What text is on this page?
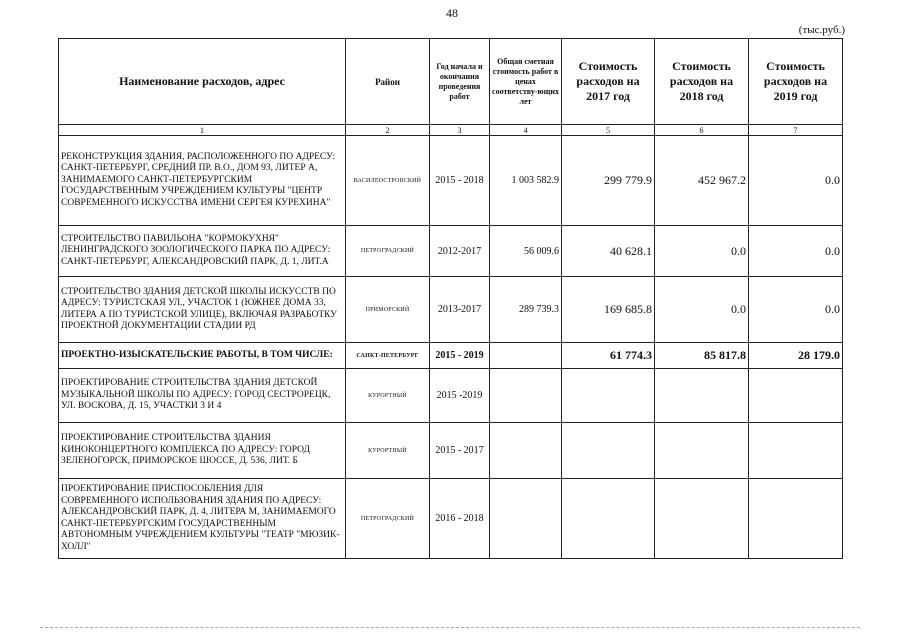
48
(тыс.руб.)
Наименование расходов, адрес	Район	Год начала и окончания проведения работ	Общая сметная стоимость работ в ценах соответству-ющих лет	Стоимость расходов на 2017 год	Стоимость расходов на 2018 год	Стоимость расходов на 2019 год
1	2	3	4	5	6	7
РЕКОНСТРУКЦИЯ ЗДАНИЯ, РАСПОЛОЖЕННОГО ПО АДРЕСУ: САНКТ-ПЕТЕРБУРГ, СРЕДНИЙ ПР. В.О., ДОМ 93, ЛИТЕР А, ЗАНИМАЕМОГО САНКТ-ПЕТЕРБУРГСКИМ ГОСУДАРСТВЕННЫМ УЧРЕЖДЕНИЕМ КУЛЬТУРЫ "ЦЕНТР СОВРЕМЕННОГО ИСКУССТВА ИМЕНИ СЕРГЕЯ КУРЕХИНА"	ВАСИЛЕОСТРОВСКИЙ	2015 - 2018	1 003 582.9	299 779.9	452 967.2	0.0
СТРОИТЕЛЬСТВО ПАВИЛЬОНА "КОРМОКУХНЯ" ЛЕНИНГРАДСКОГО ЗООЛОГИЧЕСКОГО ПАРКА ПО АДРЕСУ: САНКТ-ПЕТЕРБУРГ, АЛЕКСАНДРОВСКИЙ ПАРК, Д. 1, ЛИТ.А	ПЕТРОГРАДСКИЙ	2012-2017	56 009.6	40 628.1	0.0	0.0
СТРОИТЕЛЬСТВО ЗДАНИЯ ДЕТСКОЙ ШКОЛЫ ИСКУССТВ ПО АДРЕСУ: ТУРИСТСКАЯ УЛ., УЧАСТОК 1 (ЮЖНЕЕ ДОМА 33, ЛИТЕРА А ПО ТУРИСТСКОЙ УЛИЦЕ), ВКЛЮЧАЯ РАЗРАБОТКУ ПРОЕКТНОЙ ДОКУМЕНТАЦИИ СТАДИИ РД	ПРИМОРСКИЙ	2013-2017	289 739.3	169 685.8	0.0	0.0
ПРОЕКТНО-ИЗЫСКАТЕЛЬСКИЕ РАБОТЫ, В ТОМ ЧИСЛЕ:	САНКТ-ПЕТЕРБУРГ	2015 - 2019		61 774.3	85 817.8	28 179.0
ПРОЕКТИРОВАНИЕ СТРОИТЕЛЬСТВА ЗДАНИЯ ДЕТСКОЙ МУЗЫКАЛЬНОЙ ШКОЛЫ ПО АДРЕСУ: ГОРОД СЕСТРОРЕЦК, УЛ. ВОСКОВА, Д. 15, УЧАСТКИ 3 И 4	КУРОРТНЫЙ	2015 -2019				
ПРОЕКТИРОВАНИЕ СТРОИТЕЛЬСТВА ЗДАНИЯ КИНОКОНЦЕРТНОГО КОМПЛЕКСА ПО АДРЕСУ: ГОРОД ЗЕЛЕНОГОРСК, ПРИМОРСКОЕ ШОССЕ, Д. 536, ЛИТ. Б	КУРОРТНЫЙ	2015 - 2017				
ПРОЕКТИРОВАНИЕ ПРИСПОСОБЛЕНИЯ ДЛЯ СОВРЕМЕННОГО ИСПОЛЬЗОВАНИЯ ЗДАНИЯ ПО АДРЕСУ: АЛЕКСАНДРОВСКИЙ ПАРК, Д. 4, ЛИТЕРА М, ЗАНИМАЕМОГО САНКТ-ПЕТЕРБУРГСКИМ ГОСУДАРСТВЕННЫМ АВТОНОМНЫМ УЧРЕЖДЕНИЕМ КУЛЬТУРЫ "ТЕАТР "МЮЗИК-ХОЛЛ"	ПЕТРОГРАДСКИЙ	2016 - 2018				
